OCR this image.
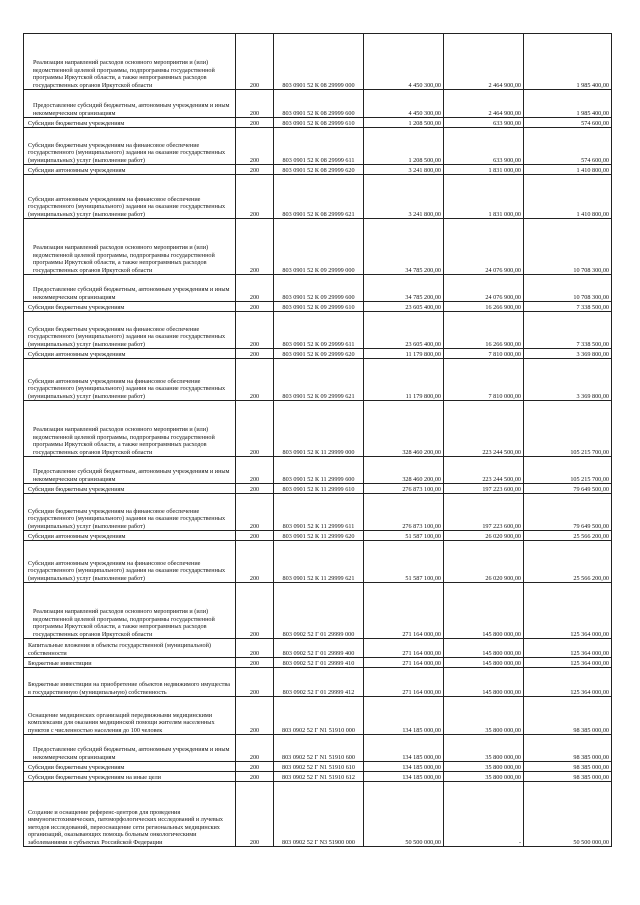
Реализация направлений расходов основного мероприятия и (или) ведомственной целевой программы, подпрограммы государственной программы Иркутской области, а также непрограммных расходов государственных органов Иркутской области	200	803 0901 52 К 08 29999 000	4 450 300,00	2 464 900,00	1 985 400,00
Предоставление субсидий бюджетным, автономным учреждениям и иным некоммерческим организациям	200	803 0901 52 К 08 29999 600	4 450 300,00	2 464 900,00	1 985 400,00
Субсидии бюджетным учреждениям	200	803 0901 52 К 08 29999 610	1 208 500,00	633 900,00	574 600,00
Субсидии бюджетным учреждениям на финансовое обеспечение государственного (муниципального) задания на оказание государственных (муниципальных) услуг (выполнение работ)	200	803 0901 52 К 08 29999 611	1 208 500,00	633 900,00	574 600,00
Субсидии автономным учреждениям	200	803 0901 52 К 08 29999 620	3 241 800,00	1 831 000,00	1 410 800,00
Субсидии автономным учреждениям на финансовое обеспечение государственного (муниципального) задания на оказание государственных (муниципальных) услуг (выполнение работ)	200	803 0901 52 К 08 29999 621	3 241 800,00	1 831 000,00	1 410 800,00
Реализация направлений расходов основного мероприятия и (или) ведомственной целевой программы, подпрограммы государственной программы Иркутской области, а также непрограммных расходов государственных органов Иркутской области	200	803 0901 52 К 09 29999 000	34 785 200,00	24 076 900,00	10 708 300,00
Предоставление субсидий бюджетным, автономным учреждениям и иным некоммерческим организациям	200	803 0901 52 К 09 29999 600	34 785 200,00	24 076 900,00	10 708 300,00
Субсидии бюджетным учреждениям	200	803 0901 52 К 09 29999 610	23 605 400,00	16 266 900,00	7 338 500,00
Субсидии бюджетным учреждениям на финансовое обеспечение государственного (муниципального) задания на оказание государственных (муниципальных) услуг (выполнение работ)	200	803 0901 52 К 09 29999 611	23 605 400,00	16 266 900,00	7 338 500,00
Субсидии автономным учреждениям	200	803 0901 52 К 09 29999 620	11 179 800,00	7 810 000,00	3 369 800,00
Субсидии автономным учреждениям на финансовое обеспечение государственного (муниципального) задания на оказание государственных (муниципальных) услуг (выполнение работ)	200	803 0901 52 К 09 29999 621	11 179 800,00	7 810 000,00	3 369 800,00
Реализация направлений расходов основного мероприятия и (или) ведомственной целевой программы, подпрограммы государственной программы Иркутской области, а также непрограммных расходов государственных органов Иркутской области	200	803 0901 52 К 11 29999 000	328 460 200,00	223 244 500,00	105 215 700,00
Предоставление субсидий бюджетным, автономным учреждениям и иным некоммерческим организациям	200	803 0901 52 К 11 29999 600	328 460 200,00	223 244 500,00	105 215 700,00
Субсидии бюджетным учреждениям	200	803 0901 52 К 11 29999 610	276 873 100,00	197 223 600,00	79 649 500,00
Субсидии бюджетным учреждениям на финансовое обеспечение государственного (муниципального) задания на оказание государственных (муниципальных) услуг (выполнение работ)	200	803 0901 52 К 11 29999 611	276 873 100,00	197 223 600,00	79 649 500,00
Субсидии автономным учреждениям	200	803 0901 52 К 11 29999 620	51 587 100,00	26 020 900,00	25 566 200,00
Субсидии автономным учреждениям на финансовое обеспечение государственного (муниципального) задания на оказание государственных (муниципальных) услуг (выполнение работ)	200	803 0901 52 К 11 29999 621	51 587 100,00	26 020 900,00	25 566 200,00
Реализация направлений расходов основного мероприятия и (или) ведомственной целевой программы, подпрограммы государственной программы Иркутской области, а также непрограммных расходов государственных органов Иркутской области	200	803 0902 52 Г 01 29999 000	271 164 000,00	145 800 000,00	125 364 000,00
Капитальные вложения в объекты государственной (муниципальной) собственности	200	803 0902 52 Г 01 29999 400	271 164 000,00	145 800 000,00	125 364 000,00
Бюджетные инвестиции	200	803 0902 52 Г 01 29999 410	271 164 000,00	145 800 000,00	125 364 000,00
Бюджетные инвестиции на приобретение объектов недвижимого имущества в государственную (муниципальную) собственность	200	803 0902 52 Г 01 29999 412	271 164 000,00	145 800 000,00	125 364 000,00
Оснащение медицинских организаций передвижными медицинскими комплексами для оказания медицинской помощи жителям населенных пунктов с численностью населения до 100 человек	200	803 0902 52 Г N1 51910 000	134 185 000,00	35 800 000,00	98 385 000,00
Предоставление субсидий бюджетным, автономным учреждениям и иным некоммерческим организациям	200	803 0902 52 Г N1 51910 600	134 185 000,00	35 800 000,00	98 385 000,00
Субсидии бюджетным учреждениям	200	803 0902 52 Г N1 51910 610	134 185 000,00	35 800 000,00	98 385 000,00
Субсидии бюджетным учреждениям на иные цели	200	803 0902 52 Г N1 51910 612	134 185 000,00	35 800 000,00	98 385 000,00
Создание и оснащение референс-центров для проведения иммуногистохимических, патоморфологических исследований и лучевых методов исследований, переоснащение сети региональных медицинских организаций, оказывающих помощь больным онкологическими заболеваниями в субъектах Российской Федерации	200	803 0902 52 Г N3 51900 000	50 500 000,00	-	50 500 000,00
